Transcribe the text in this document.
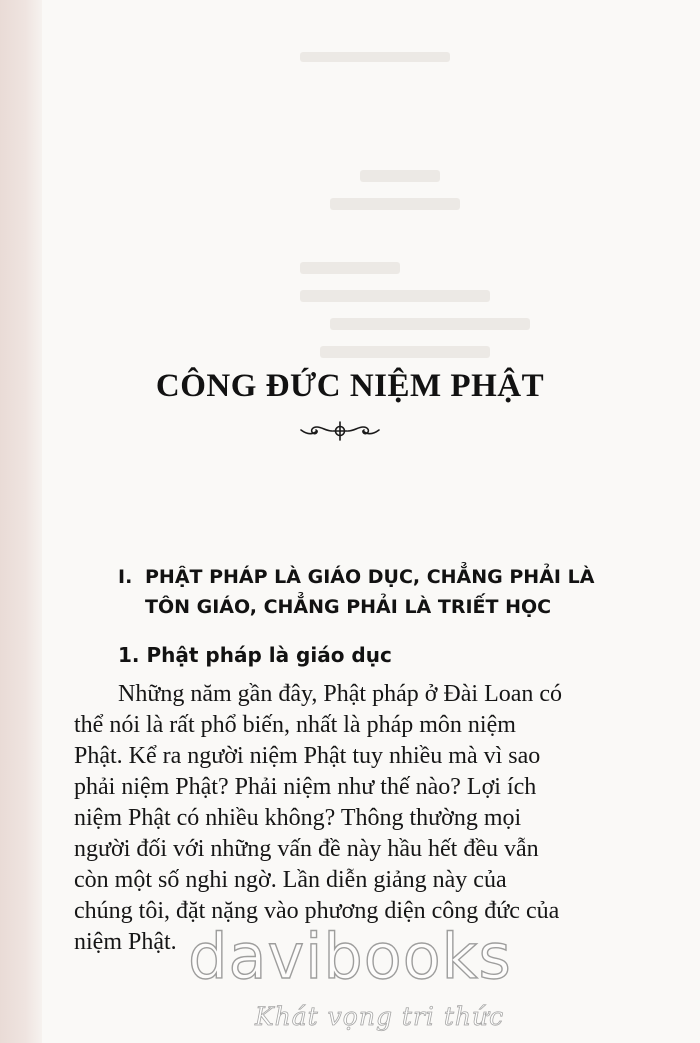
CÔNG ĐỨC NIỆM PHẬT
I. PHẬT PHÁP LÀ GIÁO DỤC, CHẲNG PHẢI LÀ
TÔN GIÁO, CHẲNG PHẢI LÀ TRIẾT HỌC
1. Phật pháp là giáo dục
Những năm gần đây, Phật pháp ở Đài Loan có
thể nói là rất phổ biến, nhất là pháp môn niệm
Phật. Kể ra người niệm Phật tuy nhiều mà vì sao
phải niệm Phật? Phải niệm như thế nào? Lợi ích
niệm Phật có nhiều không? Thông thường mọi
người đối với những vấn đề này hầu hết đều vẫn
còn một số nghi ngờ. Lần diễn giảng này của
chúng tôi, đặt nặng vào phương diện công đức của
niệm Phật. davibooks
Khát vọng tri thức
